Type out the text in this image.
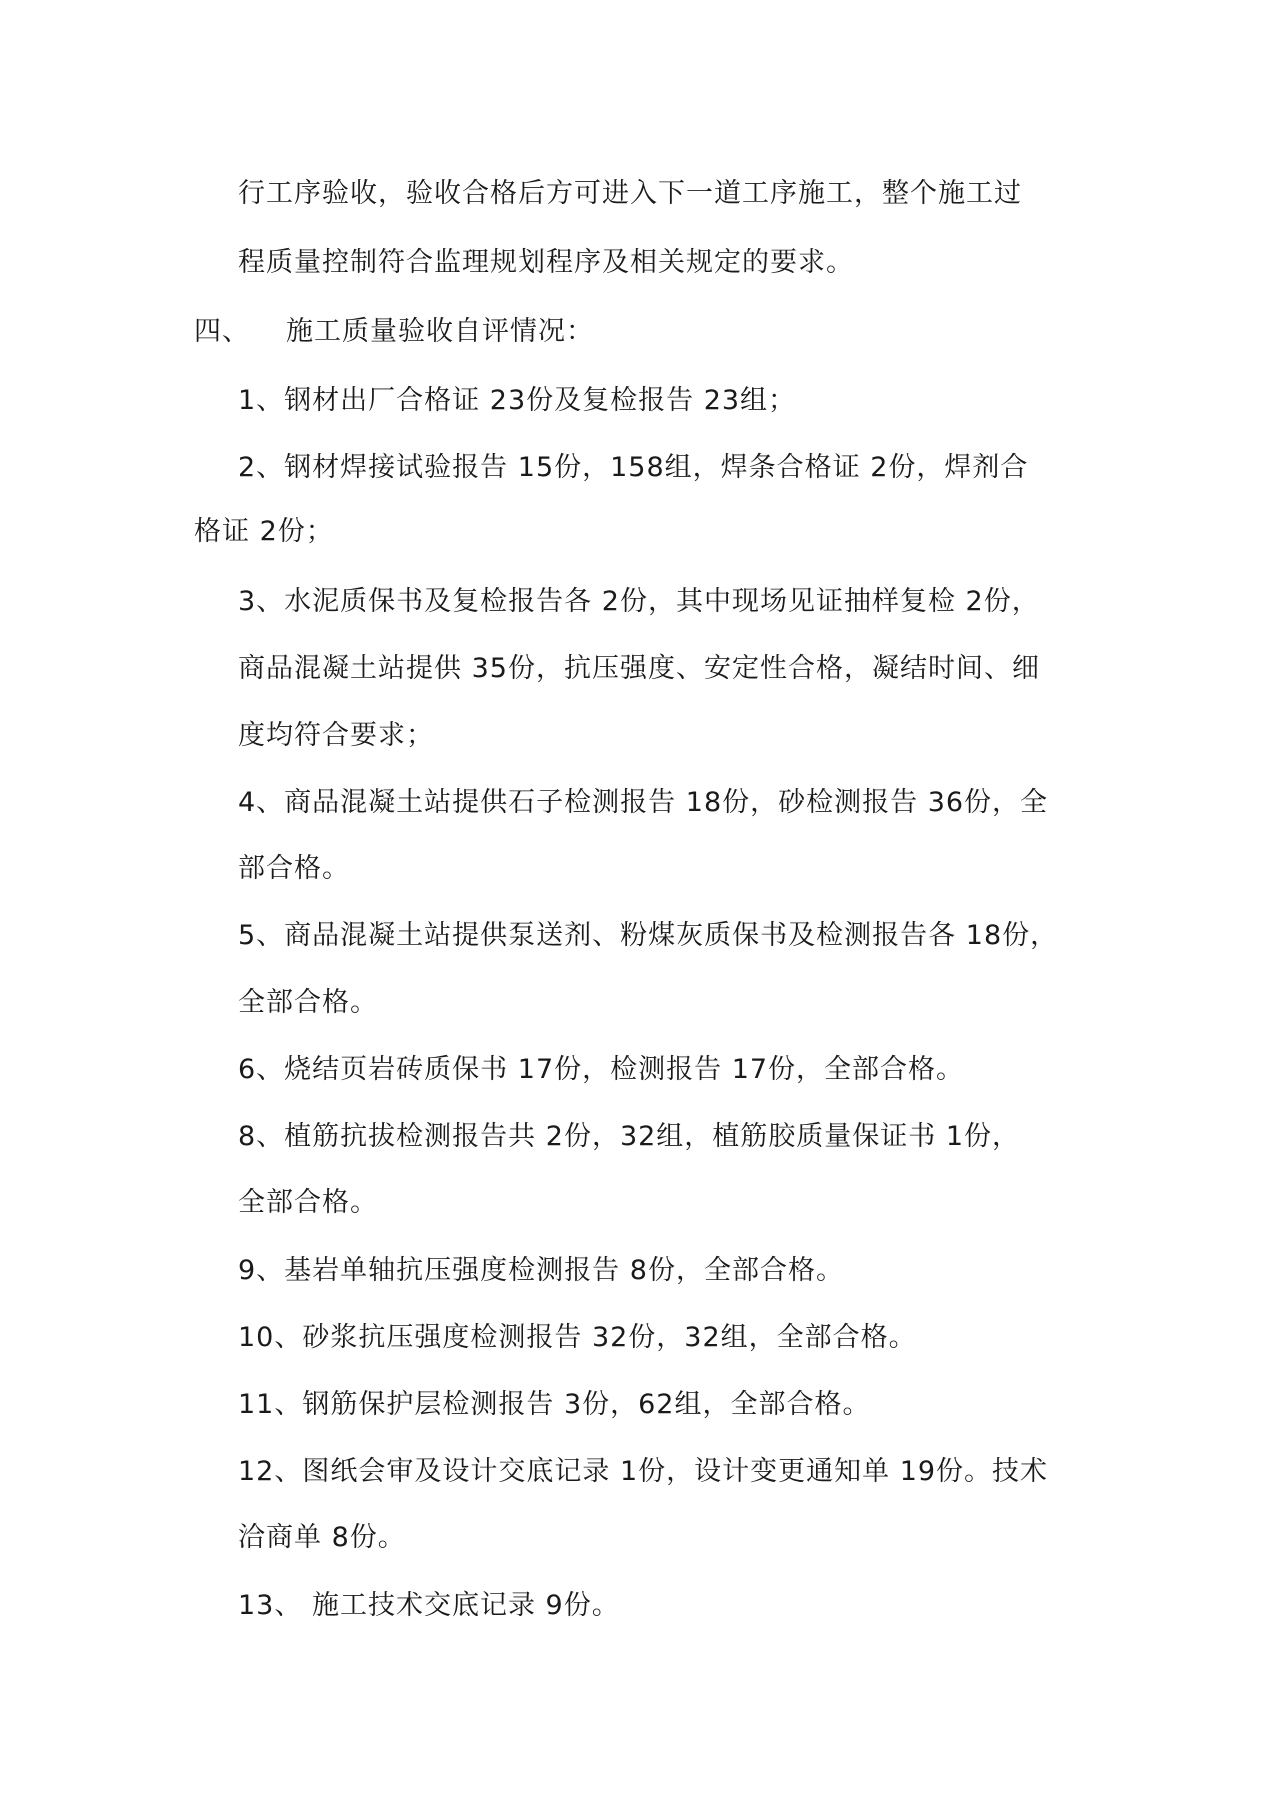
行工序验收，验收合格后方可进入下一道工序施工，整个施工过
程质量控制符合监理规划程序及相关规定的要求。
四、 施工质量验收自评情况：
1、钢材出厂合格证 23份及复检报告 23组；
2、钢材焊接试验报告 15份，158组，焊条合格证 2份，焊剂合
格证 2份；
3、水泥质保书及复检报告各 2份，其中现场见证抽样复检 2份，
商品混凝土站提供 35份，抗压强度、安定性合格，凝结时间、细
度均符合要求；
4、商品混凝土站提供石子检测报告 18份，砂检测报告 36份，全
部合格。
5、商品混凝土站提供泵送剂、粉煤灰质保书及检测报告各 18份，
全部合格。
6、烧结页岩砖质保书 17份，检测报告 17份，全部合格。
8、植筋抗拔检测报告共 2份，32组，植筋胶质量保证书 1份，
全部合格。
9、基岩单轴抗压强度检测报告 8份，全部合格。
10、砂浆抗压强度检测报告 32份，32组，全部合格。
11、钢筋保护层检测报告 3份，62组，全部合格。
12、图纸会审及设计交底记录 1份，设计变更通知单 19份。技术
洽商单 8份。
13、 施工技术交底记录 9份。
